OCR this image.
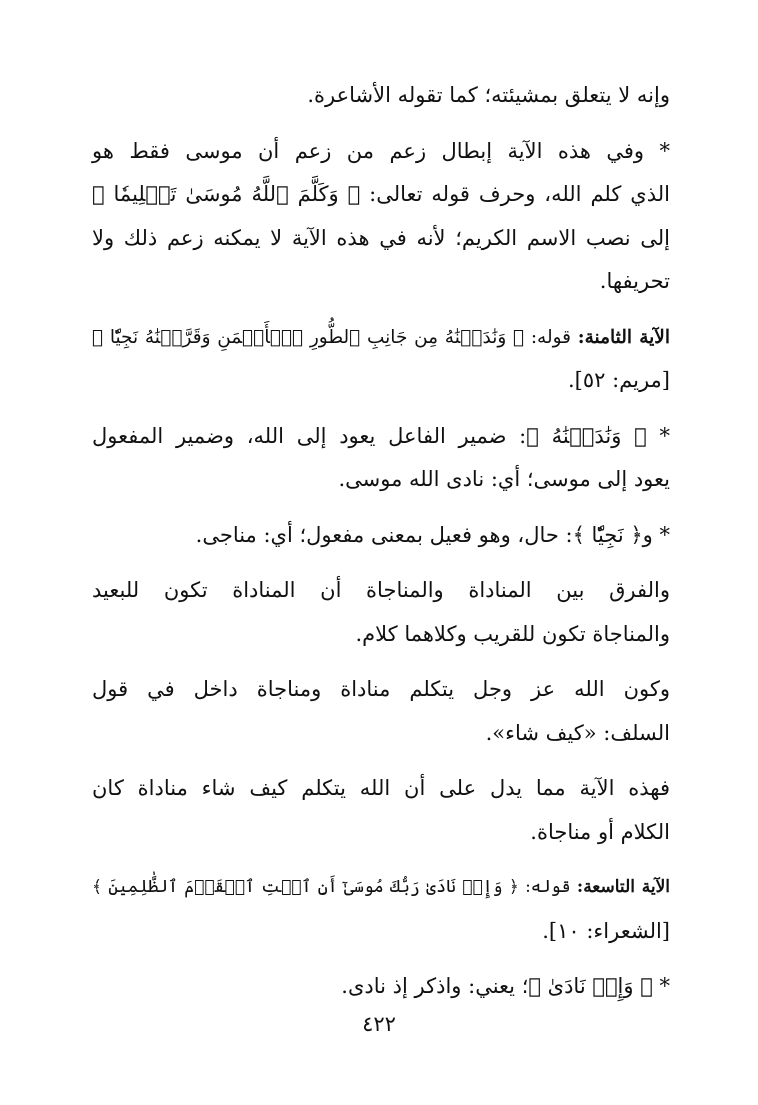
وإنه لا يتعلق بمشيئته؛ كما تقوله الأشاعرة.

* وفي هذه الآية إبطال زعم من زعم أن موسى فقط هو
الذي كلم الله، وحرف قوله تعالى: ﴿ وَكَلَّمَ ٱللَّهُ مُوسَىٰ تَكۡلِيمٗا ﴾
إلى نصب الاسم الكريم؛ لأنه في هذه الآية لا يمكنه زعم ذلك ولا
تحريفها.

الآية الثامنة: قوله: ﴿ وَنَٰدَيۡنَٰهُ مِن جَانِبِ ٱلطُّورِ ٱلۡأَيۡمَنِ وَقَرَّبۡنَٰهُ نَجِيّٗا ﴾
[مريم: ٥٢].

* ﴿ وَنَٰدَيۡنَٰهُ ﴾: ضمير الفاعل يعود إلى الله، وضمير المفعول
يعود إلى موسى؛ أي: نادى الله موسى.

* و﴿ نَجِيّٗا ﴾: حال، وهو فعيل بمعنى مفعول؛ أي: مناجى.

والفرق بين المناداة والمناجاة أن المناداة تكون للبعيد
والمناجاة تكون للقريب وكلاهما كلام.

وكون الله عز وجل يتكلم مناداة ومناجاة داخل في قول
السلف: «كيف شاء».

فهذه الآية مما يدل على أن الله يتكلم كيف شاء مناداة كان
الكلام أو مناجاة.

الآية التاسعة: قوله: ﴿ وَإِذۡ نَادَىٰ رَبُّكَ مُوسَىٰٓ أَنِ ٱئۡتِ ٱلۡقَوۡمَ ٱلظَّٰلِمِينَ ﴾
[الشعراء: ١٠].

* ﴿ وَإِذۡ نَادَىٰ ﴾؛ يعني: واذكر إذ نادى.

٤٢٢
